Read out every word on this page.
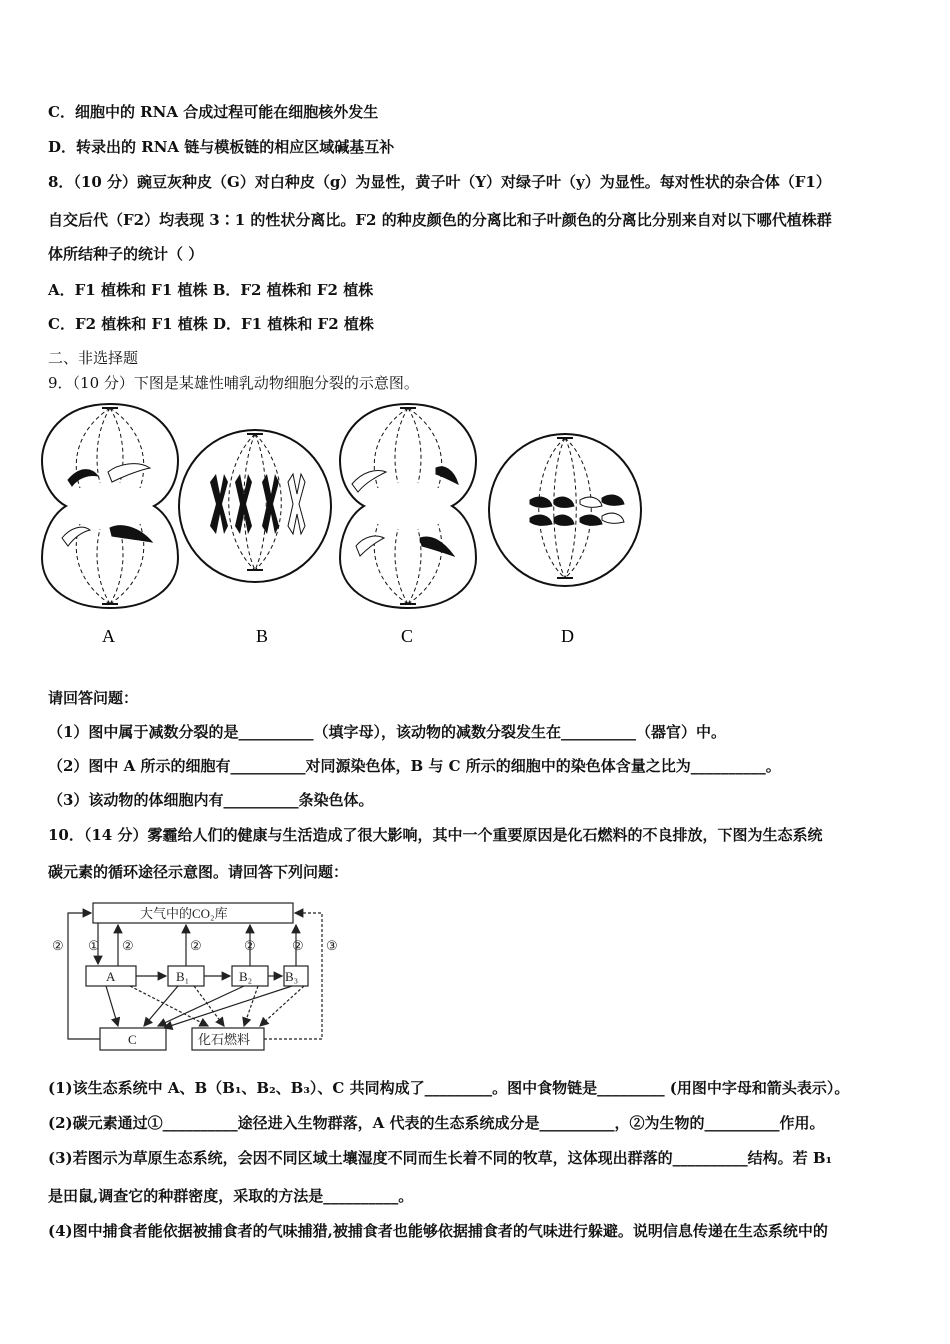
C．细胞中的 RNA 合成过程可能在细胞核外发生
D．转录出的 RNA 链与模板链的相应区域碱基互补
8．（10 分）豌豆灰种皮（G）对白种皮（g）为显性，黄子叶（Y）对绿子叶（y）为显性。每对性状的杂合体（F1）
自交后代（F2）均表现 3∶1 的性状分离比。F2 的种皮颜色的分离比和子叶颜色的分离比分别来自对以下哪代植株群
体所结种子的统计（ ）
A．F1 植株和 F1 植株 B．F2 植株和 F2 植株
C．F2 植株和 F1 植株 D．F1 植株和 F2 植株
二、非选择题
9．（10 分）下图是某雄性哺乳动物细胞分裂的示意图。
A	B	C	D
请回答问题：
（1）图中属于减数分裂的是__________（填字母），该动物的减数分裂发生在__________（器官）中。
（2）图中 A 所示的细胞有__________对同源染色体，B 与 C 所示的细胞中的染色体含量之比为__________。
（3）该动物的体细胞内有__________条染色体。
10．（14 分）雾霾给人们的健康与生活造成了很大影响，其中一个重要原因是化石燃料的不良排放，下图为生态系统
碳元素的循环途径示意图。请回答下列问题：
大气中的CO₂库
A	B₁	B₂	B₃
C	化石燃料
② ① ②	②	②	② ③
(1)该生态系统中 A、B（B₁、B₂、B₃）、C 共同构成了_________。图中食物链是_________ (用图中字母和箭头表示）。
(2)碳元素通过①__________途径进入生物群落，A 代表的生态系统成分是__________，②为生物的__________作用。
(3)若图示为草原生态系统，会因不同区域土壤湿度不同而生长着不同的牧草，这体现出群落的__________结构。若 B₁
是田鼠,调查它的种群密度，采取的方法是__________。
(4)图中捕食者能依据被捕食者的气味捕猎,被捕食者也能够依据捕食者的气味进行躲避。说明信息传递在生态系统中的
